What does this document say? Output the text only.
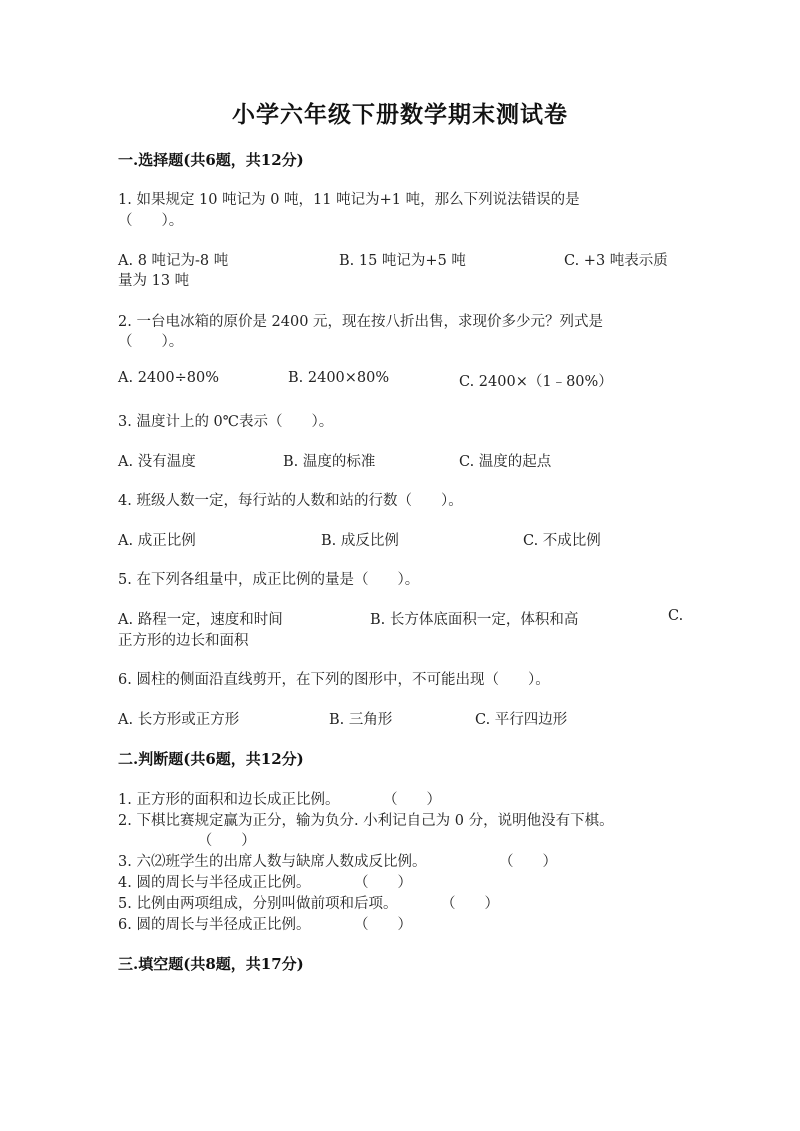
小学六年级下册数学期末测试卷
一.选择题(共6题，共12分)
1. 如果规定 10 吨记为 0 吨，11 吨记为+1 吨，那么下列说法错误的是
（　　）。
A. 8 吨记为-8 吨	B. 15 吨记为+5 吨	C. +3 吨表示质
量为 13 吨
2. 一台电冰箱的原价是 2400 元，现在按八折出售，求现价多少元？列式是
（　　）。
A. 2400÷80%	B. 2400×80%	C. 2400×（1﹣80%）
3. 温度计上的 0℃表示（　　）。
A. 没有温度	B. 温度的标准	C. 温度的起点
4. 班级人数一定，每行站的人数和站的行数（　　）。
A. 成正比例	B. 成反比例	C. 不成比例
5. 在下列各组量中，成正比例的量是（　　）。
A. 路程一定，速度和时间	B. 长方体底面积一定，体积和高	C.
正方形的边长和面积
6. 圆柱的侧面沿直线剪开，在下列的图形中，不可能出现（　　）。
A. 长方形或正方形	B. 三角形	C. 平行四边形
二.判断题(共6题，共12分)
1. 正方形的面积和边长成正比例。　　　　（　　）
2. 下棋比赛规定赢为正分，输为负分. 小利记自己为 0 分，说明他没有下棋。
　　　　　　（　　）
3. 六⑵班学生的出席人数与缺席人数成反比例。　　　　　　（　　）
4. 圆的周长与半径成正比例。　　　　（　　）
5. 比例由两项组成，分别叫做前项和后项。　　　　（　　）
6. 圆的周长与半径成正比例。　　　　（　　）
三.填空题(共8题，共17分)
